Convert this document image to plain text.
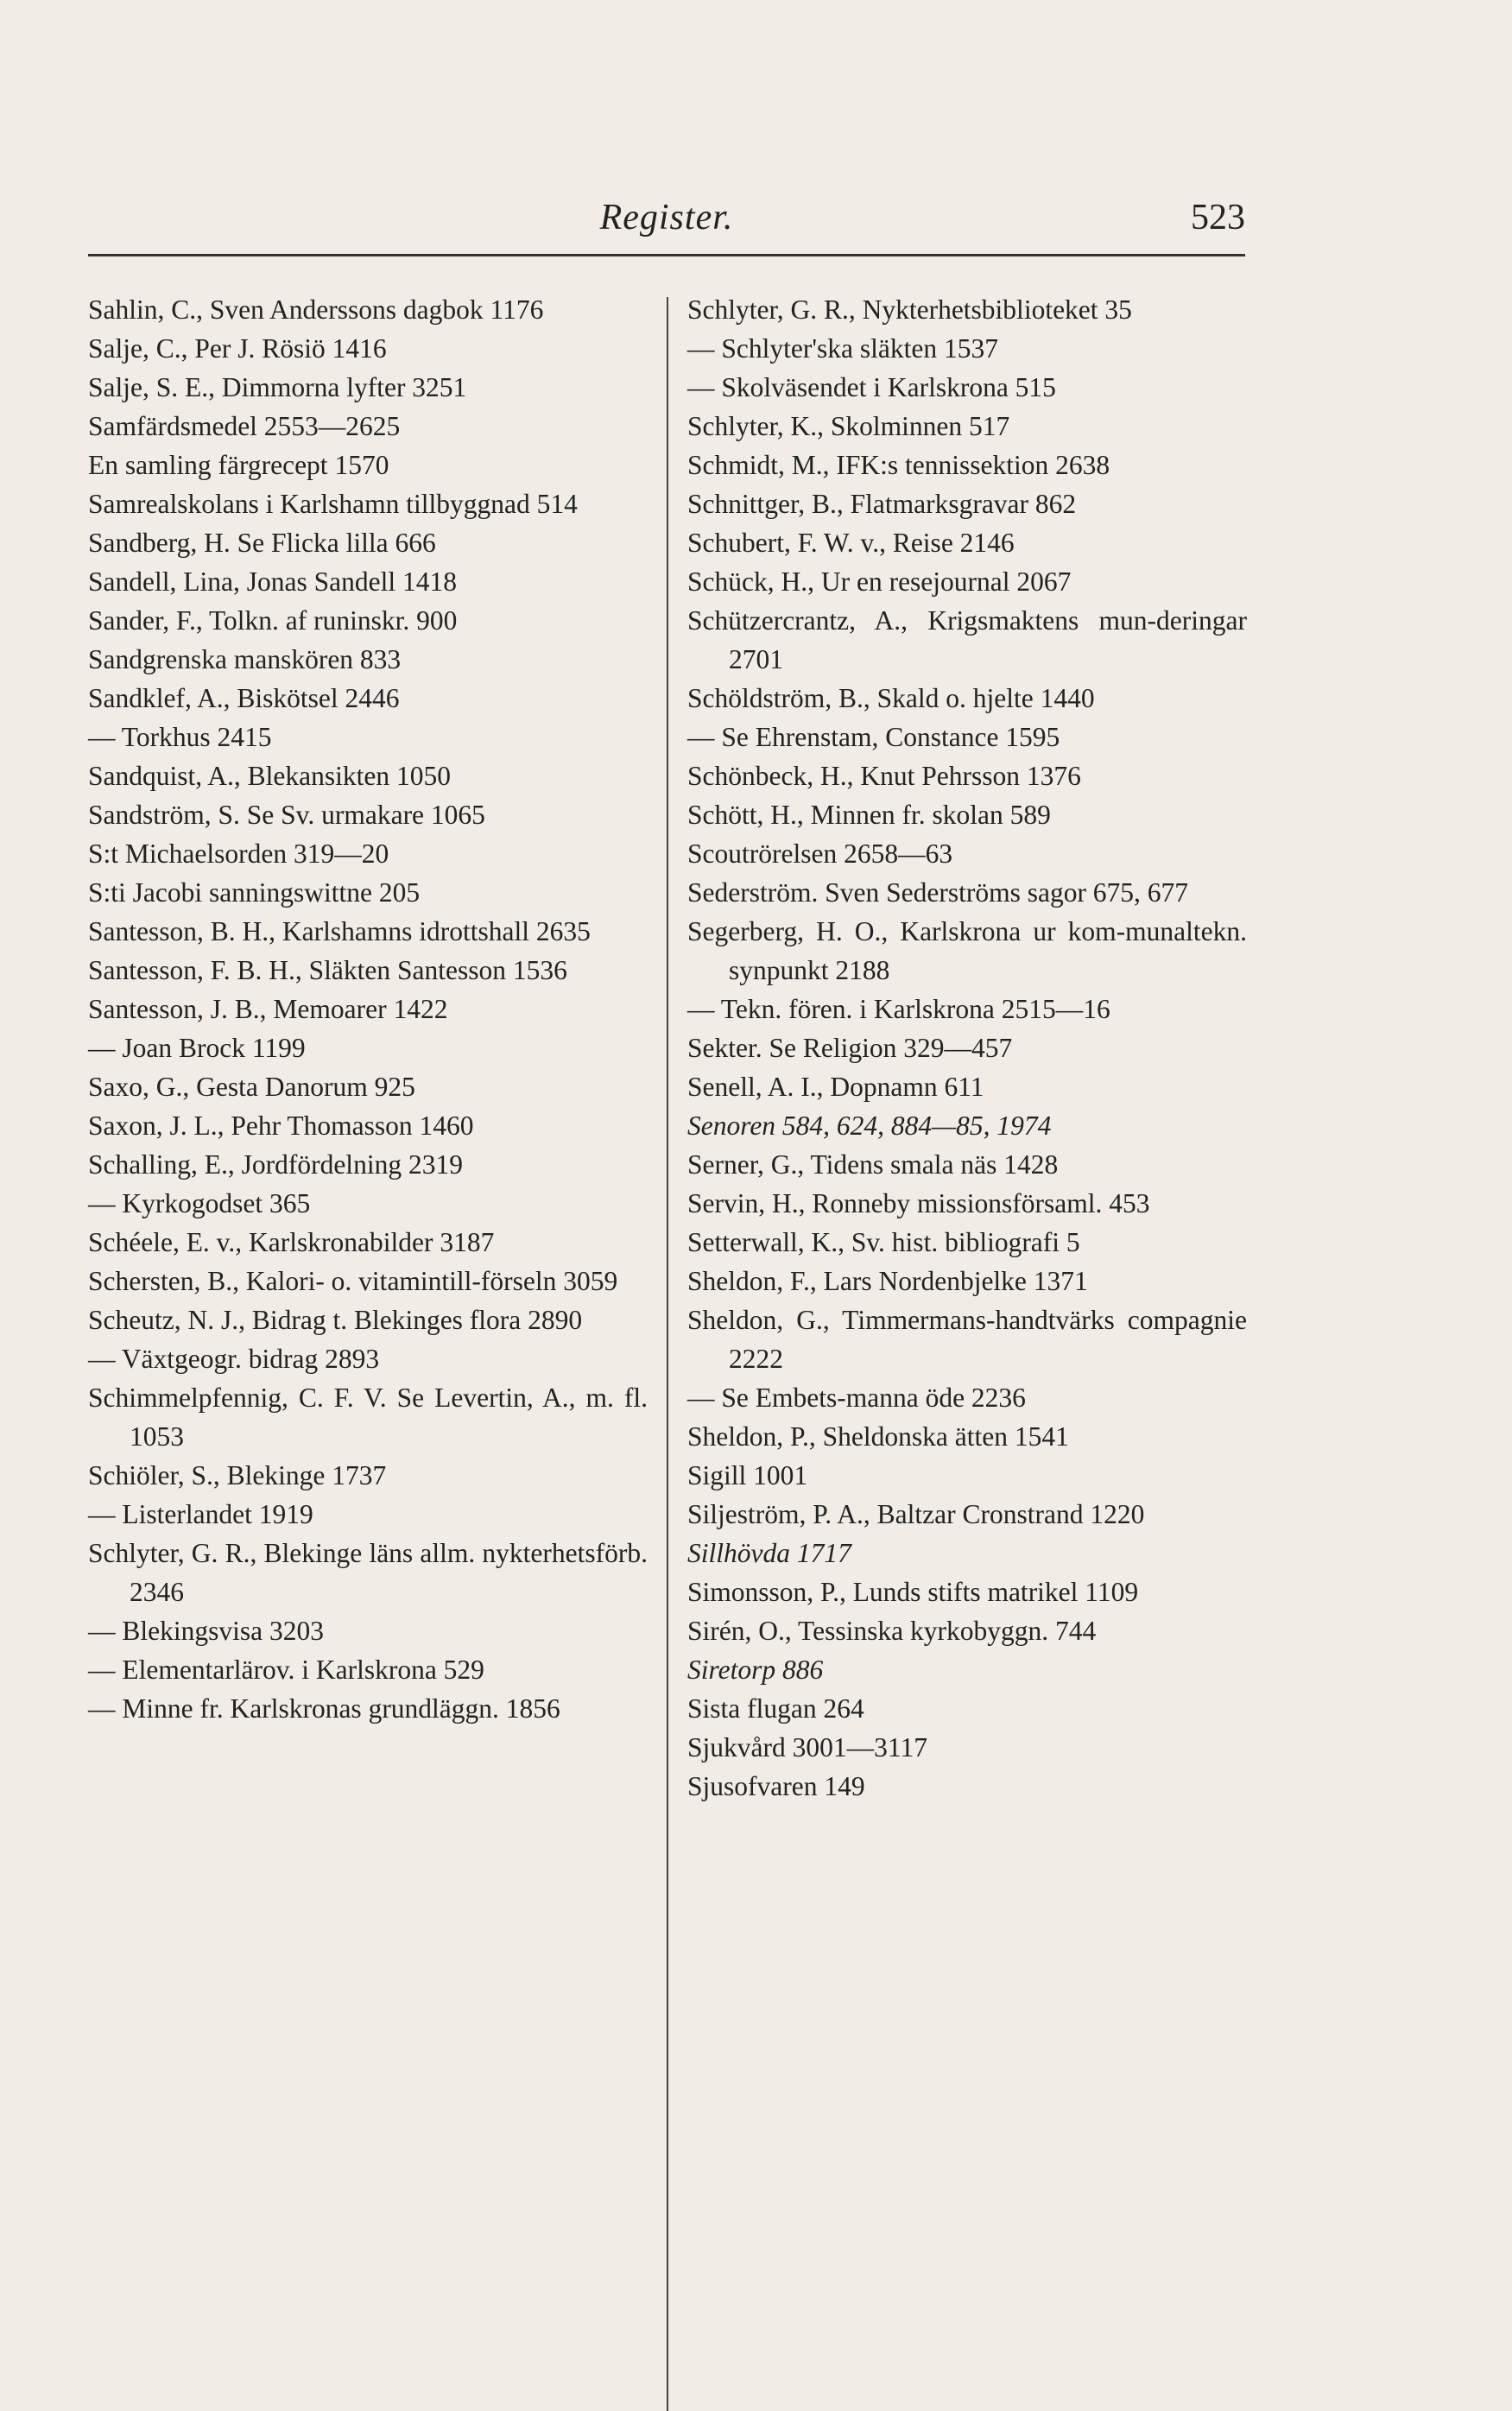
Register.	523
Sahlin, C., Sven Anderssons dagbok 1176
Salje, C., Per J. Rösiö 1416
Salje, S. E., Dimmorna lyfter 3251
Samfärdsmedel 2553—2625
En samling färgrecept 1570
Samrealskolans i Karlshamn tillbyggnad 514
Sandberg, H. Se Flicka lilla 666
Sandell, Lina, Jonas Sandell 1418
Sander, F., Tolkn. af runinskr. 900
Sandgrenska manskören 833
Sandklef, A., Biskötsel 2446
— Torkhus 2415
Sandquist, A., Blekansikten 1050
Sandström, S. Se Sv. urmakare 1065
S:t Michaelsorden 319—20
S:ti Jacobi sanningswittne 205
Santesson, B. H., Karlshamns idrottshall 2635
Santesson, F. B. H., Släkten Santesson 1536
Santesson, J. B., Memoarer 1422
— Joan Brock 1199
Saxo, G., Gesta Danorum 925
Saxon, J. L., Pehr Thomasson 1460
Schalling, E., Jordfördelning 2319
— Kyrkogodset 365
Schéele, E. v., Karlskronabilder 3187
Schersten, B., Kalori- o. vitamintill-förseln 3059
Scheutz, N. J., Bidrag t. Blekinges flora 2890
— Växtgeogr. bidrag 2893
Schimmelpfennig, C. F. V. Se Levertin, A., m. fl. 1053
Schiöler, S., Blekinge 1737
— Listerlandet 1919
Schlyter, G. R., Blekinge läns allm. nykterhetsförb. 2346
— Blekingsvisa 3203
— Elementarlärov. i Karlskrona 529
— Minne fr. Karlskronas grundläggn. 1856
Schlyter, G. R., Nykterhetsbiblioteket 35
— Schlyter'ska släkten 1537
— Skolväsendet i Karlskrona 515
Schlyter, K., Skolminnen 517
Schmidt, M., IFK:s tennissektion 2638
Schnittger, B., Flatmarksgravar 862
Schubert, F. W. v., Reise 2146
Schück, H., Ur en resejournal 2067
Schützercrantz, A., Krigsmaktens mun-deringar 2701
Schöldström, B., Skald o. hjelte 1440
— Se Ehrenstam, Constance 1595
Schönbeck, H., Knut Pehrsson 1376
Schött, H., Minnen fr. skolan 589
Scoutrörelsen 2658—63
Sederström. Sven Sederströms sagor 675, 677
Segerberg, H. O., Karlskrona ur kom-munaltekn. synpunkt 2188
— Tekn. fören. i Karlskrona 2515—16
Sekter. Se Religion 329—457
Senell, A. I., Dopnamn 611
Senoren 584, 624, 884—85, 1974
Serner, G., Tidens smala näs 1428
Servin, H., Ronneby missionsförsaml. 453
Setterwall, K., Sv. hist. bibliografi 5
Sheldon, F., Lars Nordenbjelke 1371
Sheldon, G., Timmermans-handtvärks compagnie 2222
— Se Embets-manna öde 2236
Sheldon, P., Sheldonska ätten 1541
Sigill 1001
Siljeström, P. A., Baltzar Cronstrand 1220
Sillhövda 1717
Simonsson, P., Lunds stifts matrikel 1109
Sirén, O., Tessinska kyrkobyggn. 744
Siretorp 886
Sista flugan 264
Sjukvård 3001—3117
Sjusofvaren 149
